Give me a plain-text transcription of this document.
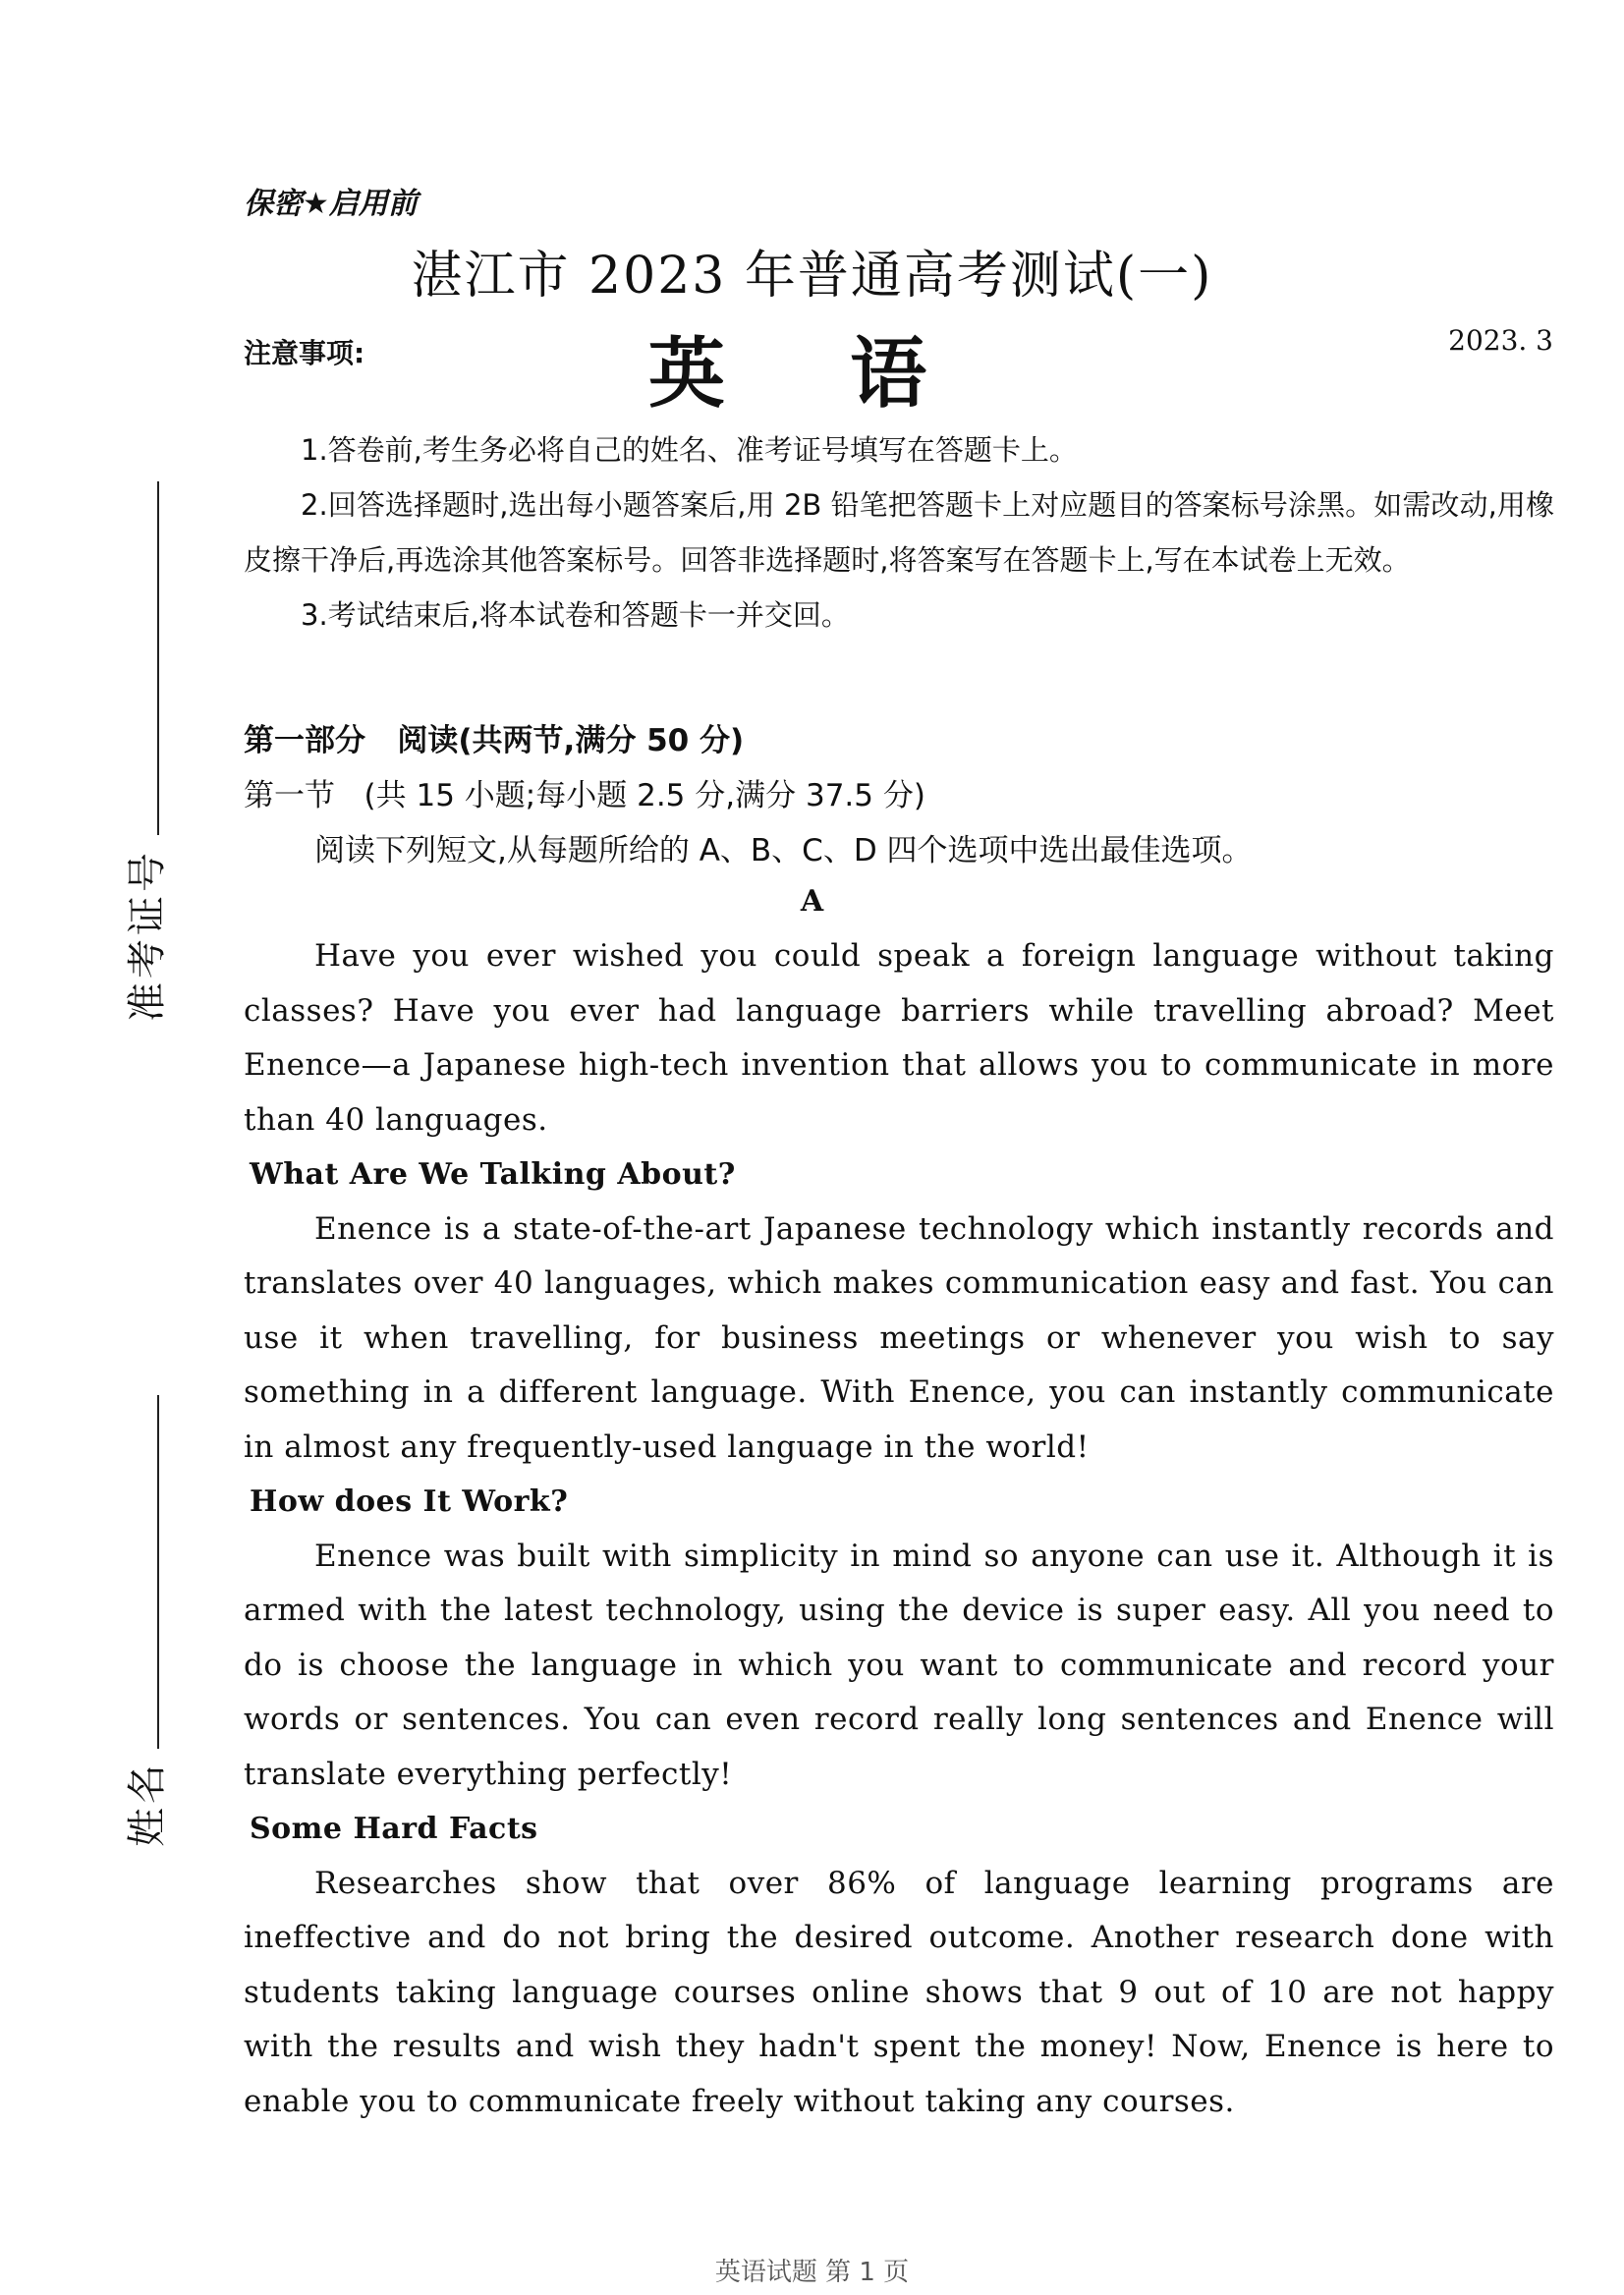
准考证号
姓名
保密★启用前
湛江市 2023 年普通高考测试(一)
英 语
注意事项:	2023. 3

1.答卷前,考生务必将自己的姓名、准考证号填写在答题卡上。

2.回答选择题时,选出每小题答案后,用 2B 铅笔把答题卡上对应题目的答案标号涂黑。如需改动,用橡皮擦干净后,再选涂其他答案标号。回答非选择题时,将答案写在答题卡上,写在本试卷上无效。

3.考试结束后,将本试卷和答题卡一并交回。

第一部分   阅读(共两节,满分 50 分)
第一节   (共 15 小题;每小题 2.5 分,满分 37.5 分)
阅读下列短文,从每题所给的 A、B、C、D 四个选项中选出最佳选项。
A

Have you ever wished you could speak a foreign language without taking classes? Have you ever had language barriers while travelling abroad? Meet Enence—a Japanese high-tech invention that allows you to communicate in more than 40 languages.

What Are We Talking About?

Enence is a state-of-the-art Japanese technology which instantly records and translates over 40 languages, which makes communication easy and fast. You can use it when travelling, for business meetings or whenever you wish to say something in a different language. With Enence, you can instantly communicate in almost any frequently-used language in the world!

How does It Work?

Enence was built with simplicity in mind so anyone can use it. Although it is armed with the latest technology, using the device is super easy. All you need to do is choose the language in which you want to communicate and record your words or sentences. You can even record really long sentences and Enence will translate everything perfectly!

Some Hard Facts

Researches show that over 86% of language learning programs are ineffective and do not bring the desired outcome. Another research done with students taking language courses online shows that 9 out of 10 are not happy with the results and wish they hadn't spent the money! Now, Enence is here to enable you to communicate freely without taking any courses.

英语试题 第 1 页
